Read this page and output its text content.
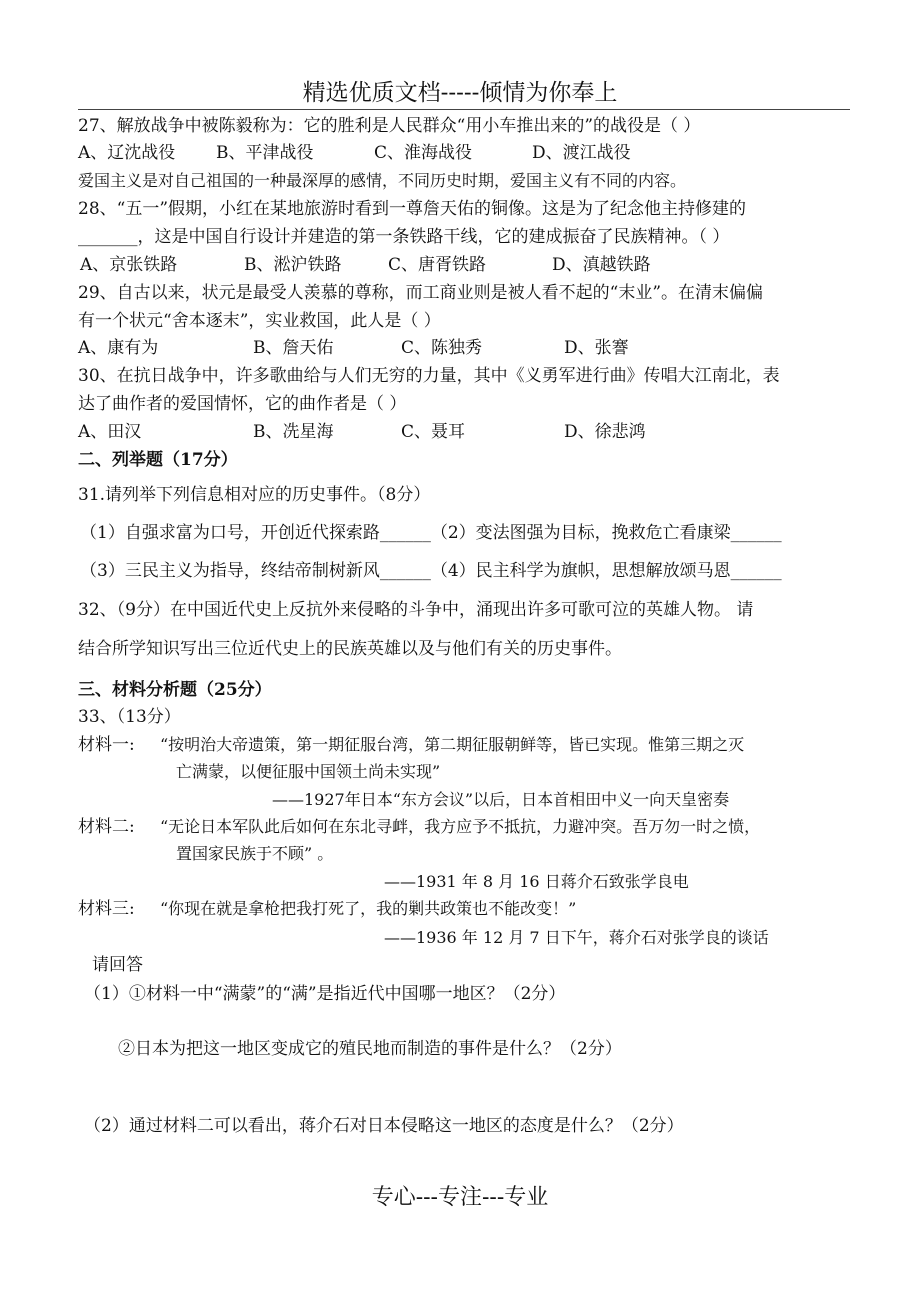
精选优质文档-----倾情为你奉上
27、解放战争中被陈毅称为：它的胜利是人民群众“用小车推出来的”的战役是（ ）
A、辽沈战役 B、平津战役	C、淮海战役	D、渡江战役
爱国主义是对自己祖国的一种最深厚的感情，不同历史时期，爱国主义有不同的内容。
28、“五一”假期，小红在某地旅游时看到一尊詹天佑的铜像。这是为了纪念他主持修建的
_______，这是中国自行设计并建造的第一条铁路干线，它的建成振奋了民族精神。（ ）
A、京张铁路	B、淞沪铁路	C、唐胥铁路	D、滇越铁路
29、自古以来，状元是最受人羡慕的尊称，而工商业则是被人看不起的“末业”。在清末偏偏
有一个状元“舍本逐末”，实业救国，此人是（ ）
A、康有为	B、詹天佑	C、陈独秀	D、张謇
30、在抗日战争中，许多歌曲给与人们无穷的力量，其中《义勇军进行曲》传唱大江南北，表
达了曲作者的爱国情怀，它的曲作者是（ ）
A、田汉	B、冼星海	C、聂耳	D、徐悲鸿
二、列举题（17分）
31.请列举下列信息相对应的历史事件。（8分）
（1）自强求富为口号，开创近代探索路______（2）变法图强为目标，挽救危亡看康梁______
（3）三民主义为指导，终结帝制树新风______（4）民主科学为旗帜，思想解放颂马恩______
32、（9分）在中国近代史上反抗外来侵略的斗争中，涌现出许多可歌可泣的英雄人物。 请
结合所学知识写出三位近代史上的民族英雄以及与他们有关的历史事件。
三、材料分析题（25分）
33、（13分）
材料一: “按明治大帝遗策，第一期征服台湾，第二期征服朝鲜等，皆已实现。惟第三期之灭
亡满蒙，以便征服中国领土尚未实现”
——1927年日本“东方会议”以后，日本首相田中义一向天皇密奏
材料二: “无论日本军队此后如何在东北寻衅，我方应予不抵抗，力避冲突。吾万勿一时之愤，
置国家民族于不顾” 。
——1931 年 8 月 16 日蒋介石致张学良电
材料三: “你现在就是拿枪把我打死了，我的剿共政策也不能改变！”
——1936 年 12 月 7 日下午，蒋介石对张学良的谈话
请回答
（1）①材料一中“满蒙”的“满”是指近代中国哪一地区？（2分）
②日本为把这一地区变成它的殖民地而制造的事件是什么？（2分）
（2）通过材料二可以看出，蒋介石对日本侵略这一地区的态度是什么？（2分）
专心---专注---专业
